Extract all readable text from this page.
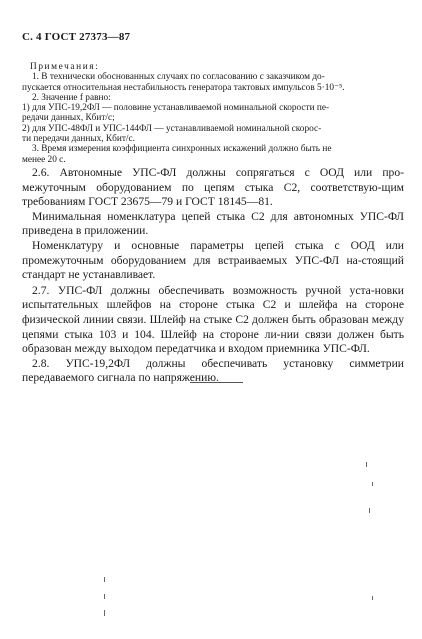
С. 4 ГОСТ 27373—87
Примечания:
1. В технически обоснованных случаях по согласованию с заказчиком до-
пускается относительная нестабильность генератора тактовых импульсов 5·10⁻⁵.
2. Значение f равно:
1) для УПС-19,2ФЛ — половине устанавливаемой номинальной скорости пе-
редачи данных, Кбит/с;
2) для УПС-48ФЛ и УПС-144ФЛ — устанавливаемой номинальной скорос-
ти передачи данных, Кбит/с.
3. Время измерения коэффициента синхронных искажений должно быть не
менее 20 с.

2.6. Автономные УПС-ФЛ должны сопрягаться с ООД или про-межуточным оборудованием по цепям стыка С2, соответствую-щим требованиям ГОСТ 23675—79 и ГОСТ 18145—81.

Минимальная номенклатура цепей стыка С2 для автономных УПС-ФЛ приведена в приложении.

Номенклатуру и основные параметры цепей стыка с ООД или промежуточным оборудованием для встраиваемых УПС-ФЛ на-стоящий стандарт не устанавливает.

2.7. УПС-ФЛ должны обеспечивать возможность ручной уста-новки испытательных шлейфов на стороне стыка С2 и шлейфа на стороне физической линии связи. Шлейф на стыке С2 должен быть образован между цепями стыка 103 и 104. Шлейф на стороне ли-нии связи должен быть образован между выходом передатчика и входом приемника УПС-ФЛ.

2.8. УПС-19,2ФЛ должны обеспечивать установку симметрии передаваемого сигнала по напряжению.
